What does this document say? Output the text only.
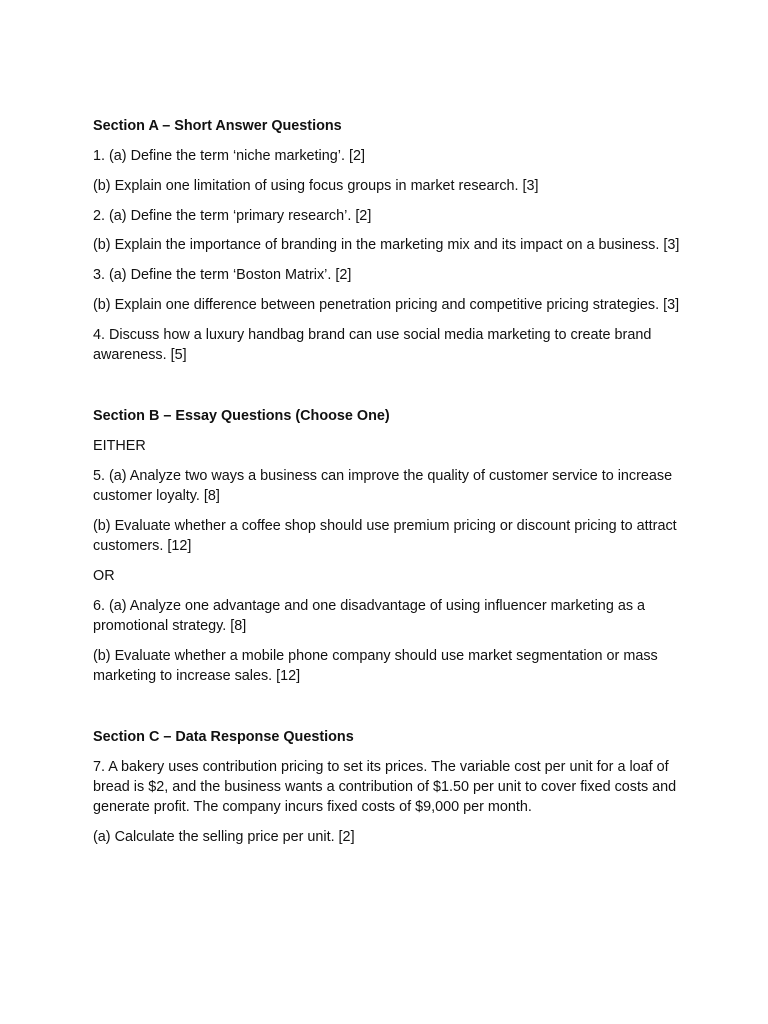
Section A – Short Answer Questions
1. (a) Define the term ‘niche marketing’. [2]
(b) Explain one limitation of using focus groups in market research. [3]
2. (a) Define the term ‘primary research’. [2]
(b) Explain the importance of branding in the marketing mix and its impact on a business. [3]
3. (a) Define the term ‘Boston Matrix’. [2]
(b) Explain one difference between penetration pricing and competitive pricing strategies. [3]
4. Discuss how a luxury handbag brand can use social media marketing to create brand awareness. [5]
Section B – Essay Questions (Choose One)
EITHER
5. (a) Analyze two ways a business can improve the quality of customer service to increase customer loyalty. [8]
(b) Evaluate whether a coffee shop should use premium pricing or discount pricing to attract customers. [12]
OR
6. (a) Analyze one advantage and one disadvantage of using influencer marketing as a promotional strategy. [8]
(b) Evaluate whether a mobile phone company should use market segmentation or mass marketing to increase sales. [12]
Section C – Data Response Questions
7. A bakery uses contribution pricing to set its prices. The variable cost per unit for a loaf of bread is $2, and the business wants a contribution of $1.50 per unit to cover fixed costs and generate profit. The company incurs fixed costs of $9,000 per month.
(a) Calculate the selling price per unit. [2]
